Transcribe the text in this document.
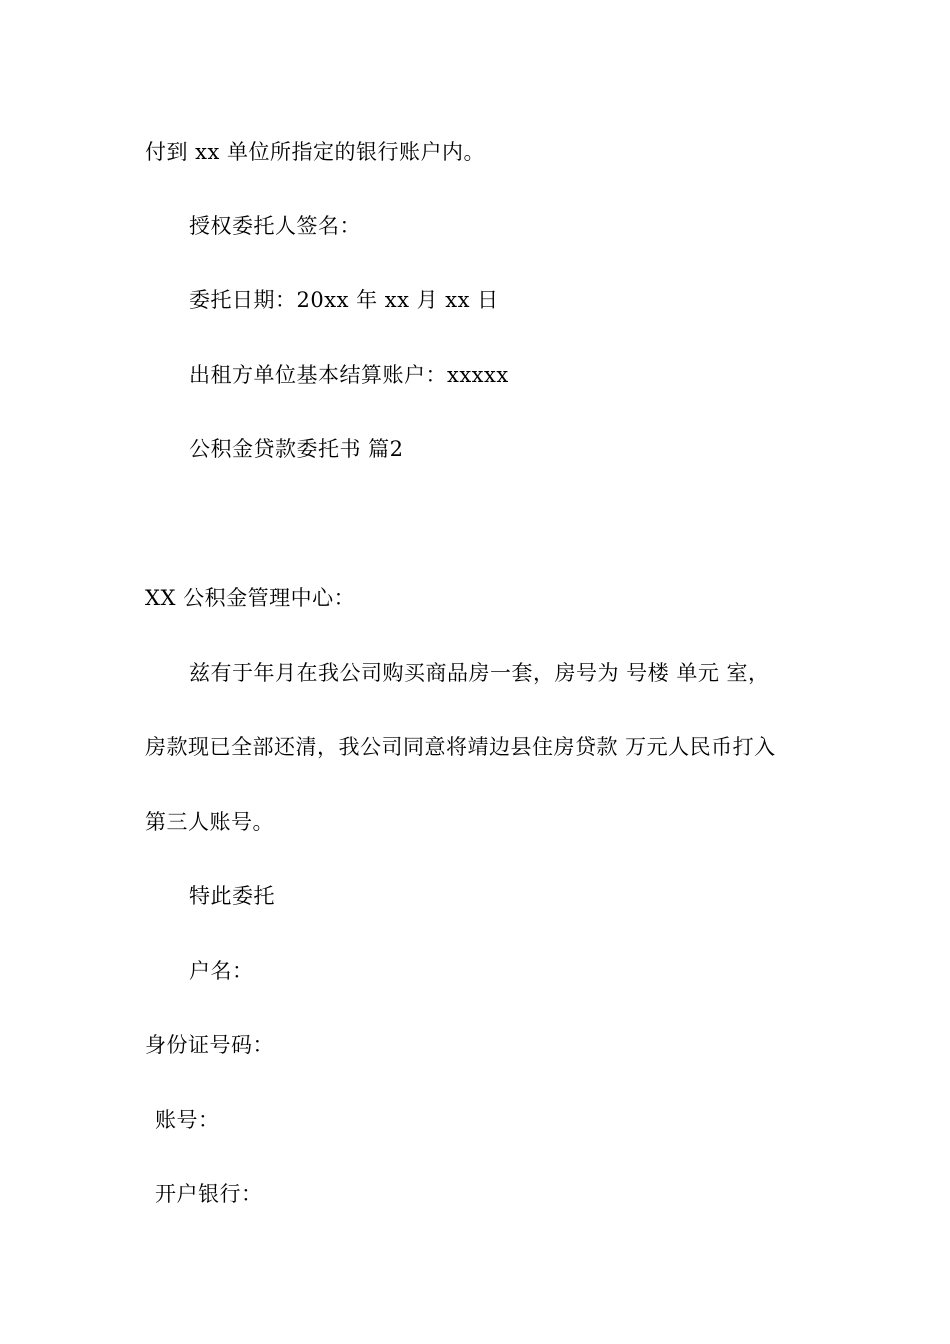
付到 xx 单位所指定的银行账户内。

授权委托人签名：

委托日期：20xx 年 xx 月 xx 日

出租方单位基本结算账户：xxxxx

公积金贷款委托书 篇2

XX 公积金管理中心：

兹有于年月在我公司购买商品房一套，房号为 号楼 单元 室，

房款现已全部还清，我公司同意将靖边县住房贷款 万元人民币打入

第三人账号。

特此委托

户名：

身份证号码：

账号：

开户银行：
